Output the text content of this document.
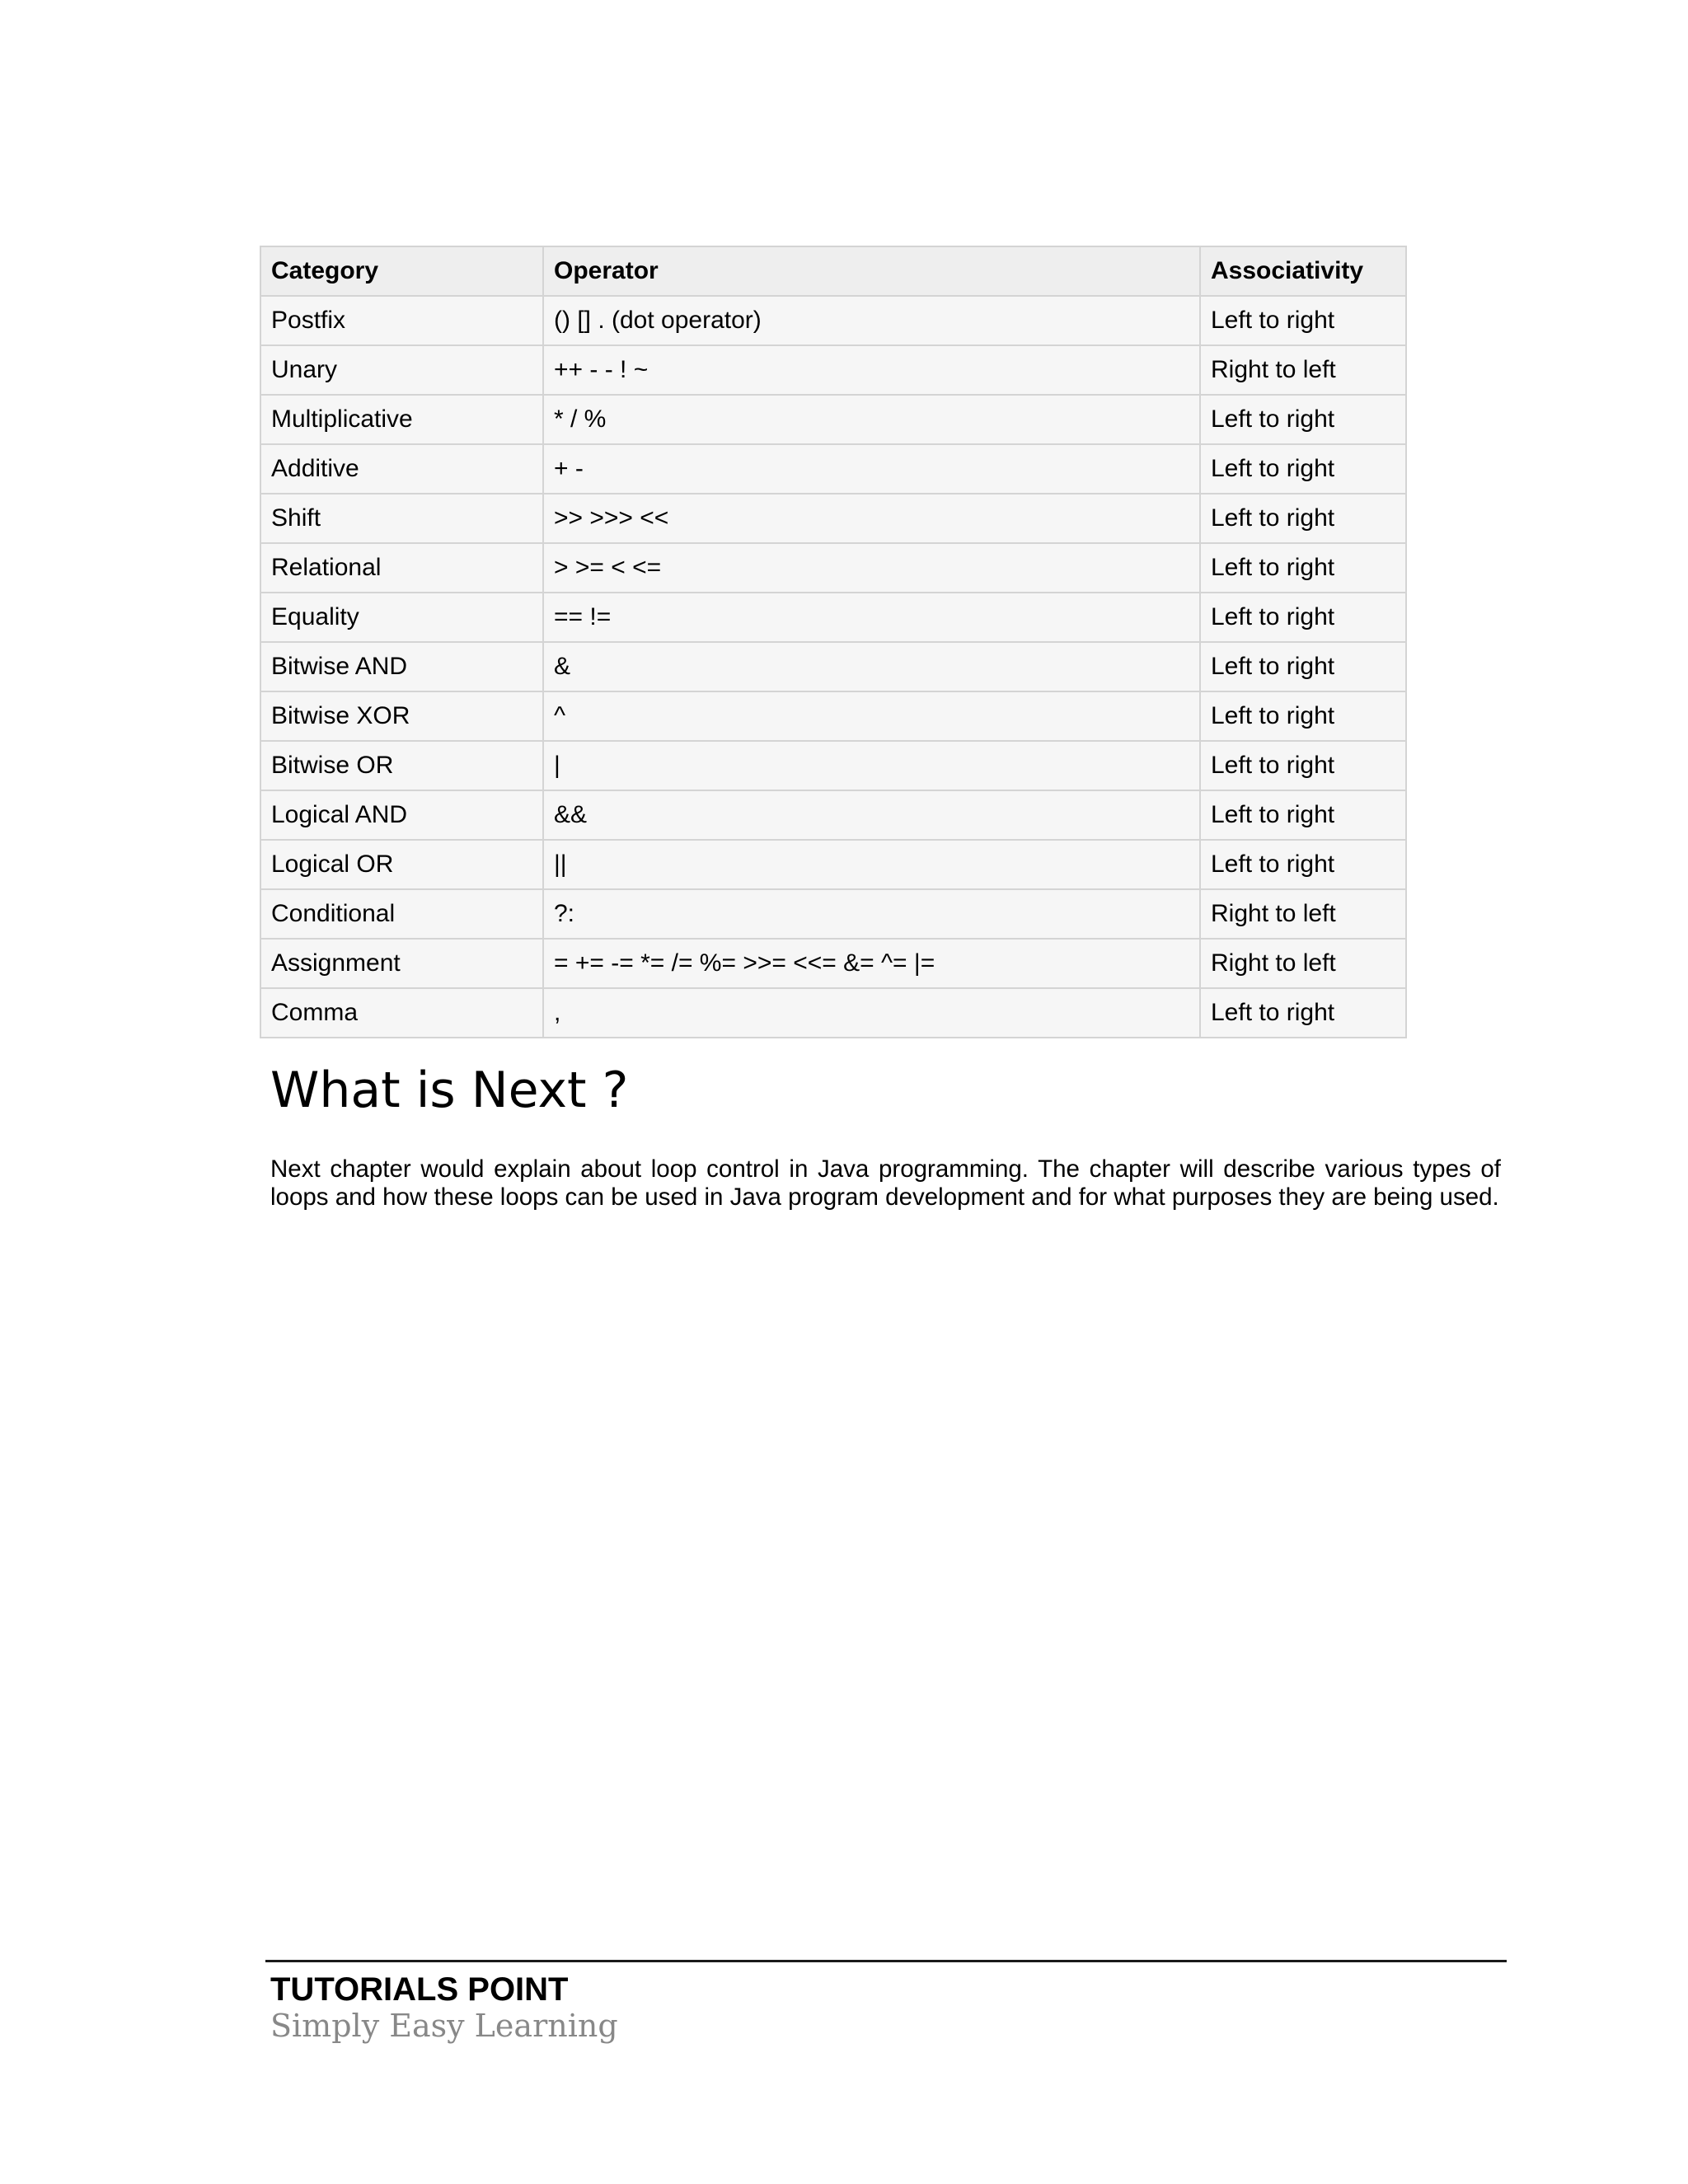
Category	Operator	Associativity
Postfix	() [] . (dot operator)	Left to right
Unary	++ - - ! ~	Right to left
Multiplicative	* / %	Left to right
Additive	+ -	Left to right
Shift	>> >>> <<	Left to right
Relational	> >= < <=	Left to right
Equality	== !=	Left to right
Bitwise AND	&	Left to right
Bitwise XOR	^	Left to right
Bitwise OR	|	Left to right
Logical AND	&&	Left to right
Logical OR	||	Left to right
Conditional	?:	Right to left
Assignment	= += -= *= /= %= >>= <<= &= ^= |=	Right to left
Comma	,	Left to right
What is Next ?

Next chapter would explain about loop control in Java programming. The chapter will describe various types of loops and how these loops can be used in Java program development and for what purposes they are being used.

TUTORIALS POINT
Simply Easy Learning
